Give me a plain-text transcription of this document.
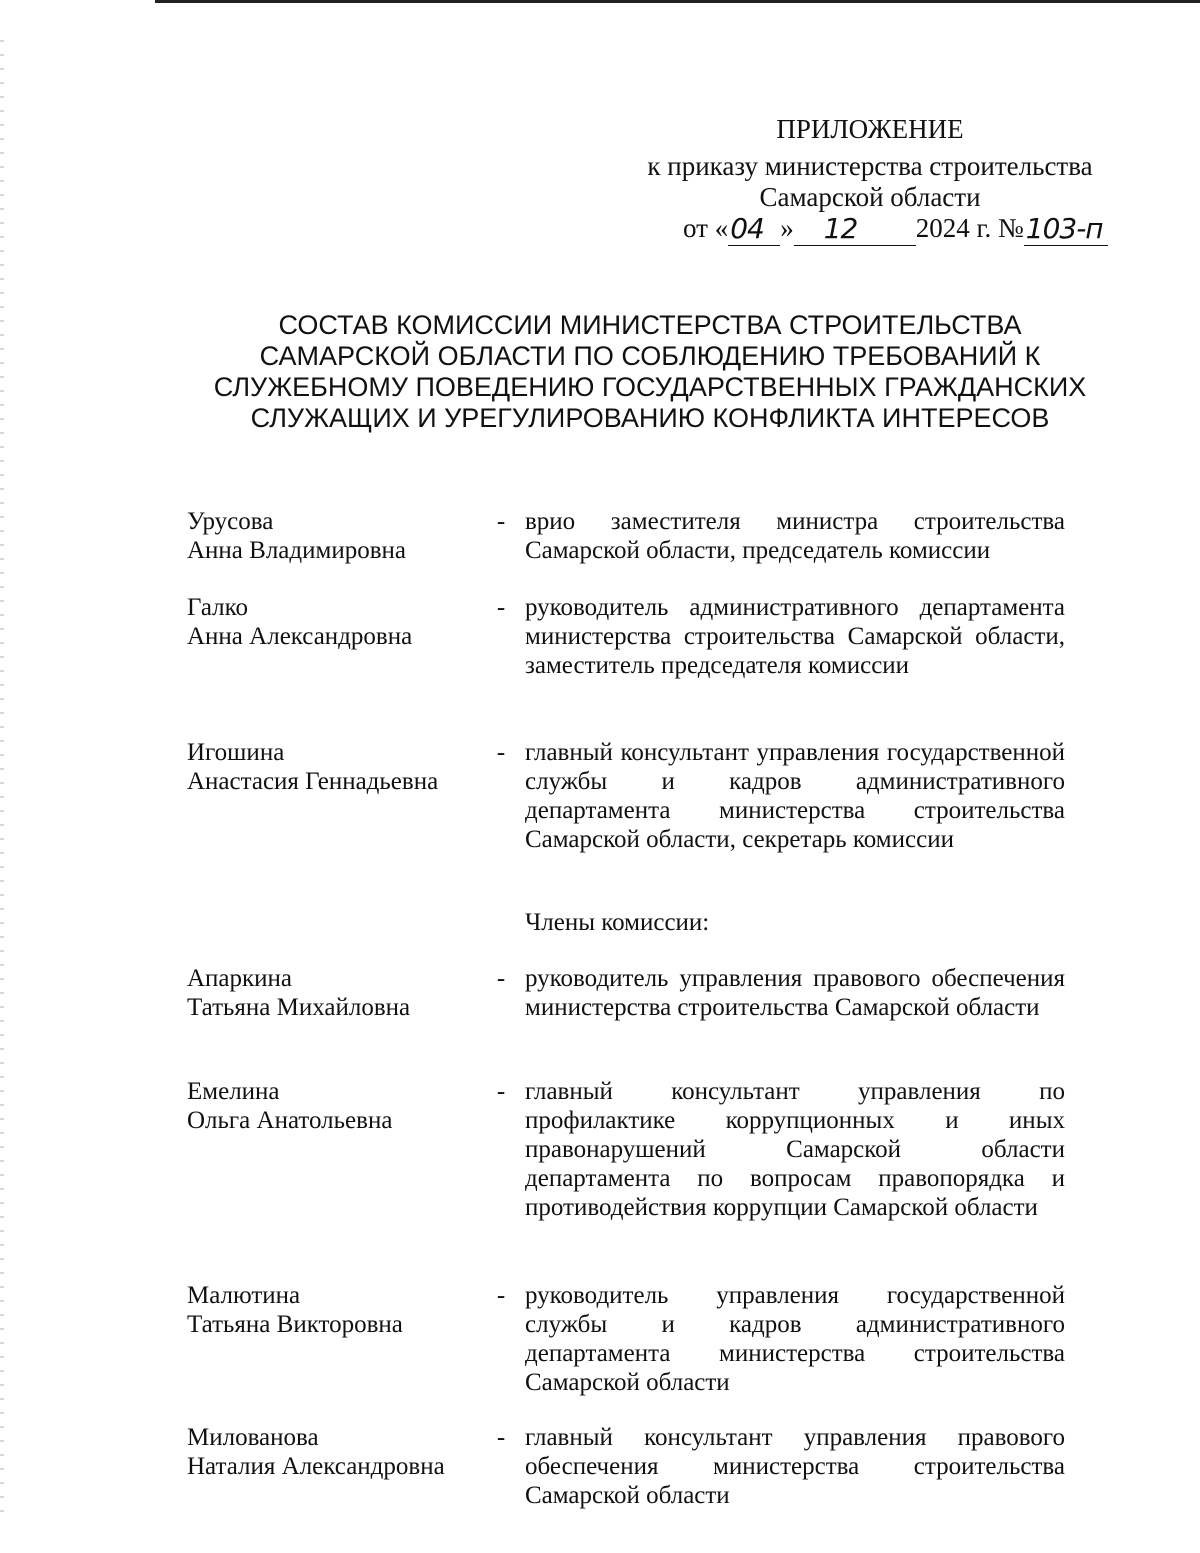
ПРИЛОЖЕНИЕ
к приказу министерства строительства
Самарской области
от « 04 » 12 2024 г. № 103-п
СОСТАВ КОМИССИИ МИНИСТЕРСТВА СТРОИТЕЛЬСТВА
САМАРСКОЙ ОБЛАСТИ ПО СОБЛЮДЕНИЮ ТРЕБОВАНИЙ К
СЛУЖЕБНОМУ ПОВЕДЕНИЮ ГОСУДАРСТВЕННЫХ ГРАЖДАНСКИХ
СЛУЖАЩИХ И УРЕГУЛИРОВАНИЮ КОНФЛИКТА ИНТЕРЕСОВ
Урусова
Анна Владимировна
- врио заместителя министра строительства Самарской области, председатель комиссии
Галко
Анна Александровна
- руководитель административного департамента министерства строительства Самарской области, заместитель председателя комиссии
Игошина
Анастасия Геннадьевна
- главный консультант управления государственной службы и кадров административного департамента министерства строительства Самарской области, секретарь комиссии
Члены комиссии:
Апаркина
Татьяна Михайловна
- руководитель управления правового обеспечения министерства строительства Самарской области
Емелина
Ольга Анатольевна
- главный консультант управления по профилактике коррупционных и иных правонарушений Самарской области департамента по вопросам правопорядка и противодействия коррупции Самарской области
Малютина
Татьяна Викторовна
- руководитель управления государственной службы и кадров административного департамента министерства строительства Самарской области
Милованова
Наталия Александровна
- главный консультант управления правового обеспечения министерства строительства Самарской области
